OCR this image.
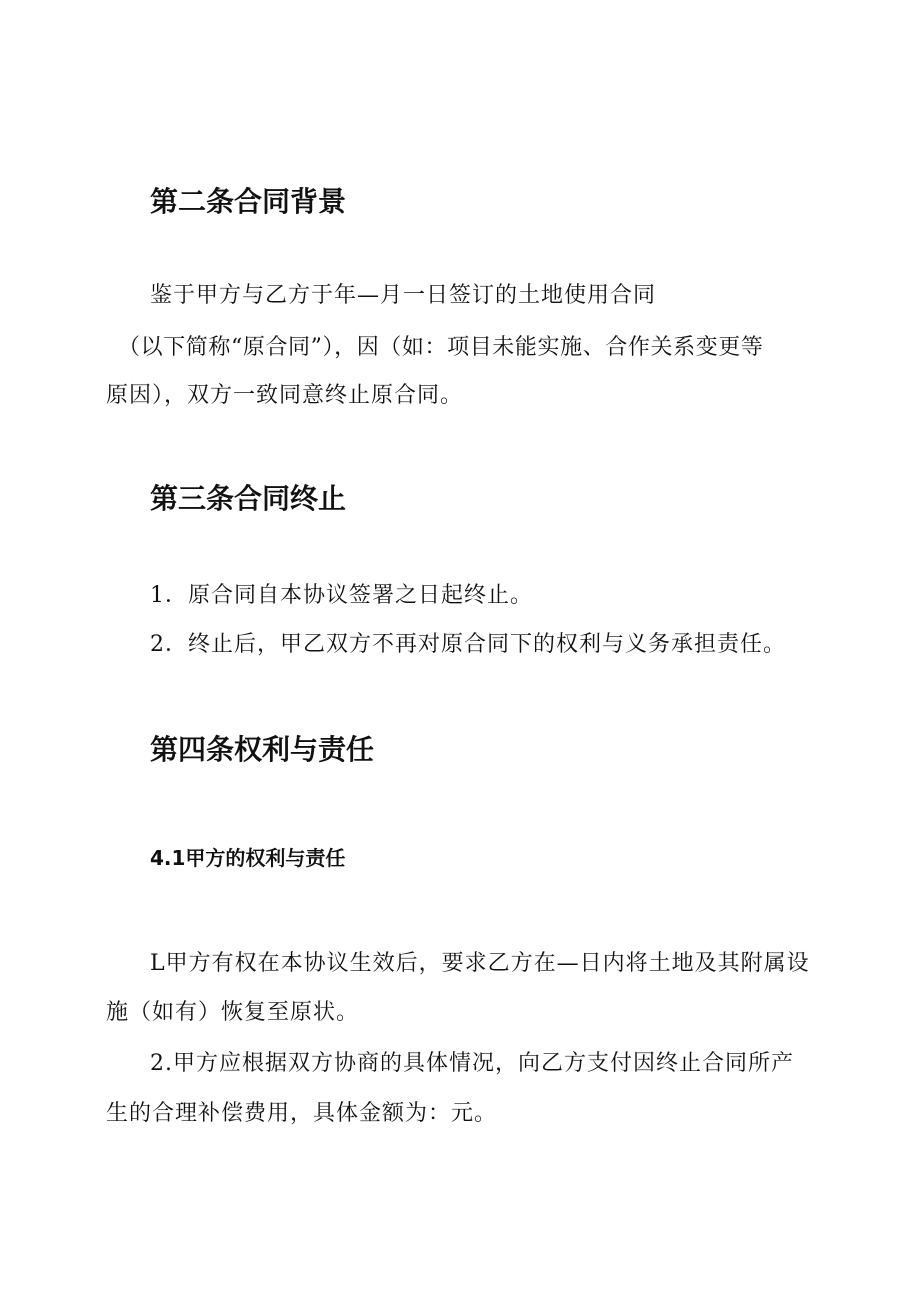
第二条合同背景
鉴于甲方与乙方于年—月一日签订的土地使用合同
（以下简称“原合同”），因（如：项目未能实施、合作关系变更等
原因），双方一致同意终止原合同。
第三条合同终止
1．原合同自本协议签署之日起终止。
2．终止后，甲乙双方不再对原合同下的权利与义务承担责任。
第四条权利与责任
4.1甲方的权利与责任
L甲方有权在本协议生效后，要求乙方在—日内将土地及其附属设
施（如有）恢复至原状。
2.甲方应根据双方协商的具体情况，向乙方支付因终止合同所产
生的合理补偿费用，具体金额为：元。
